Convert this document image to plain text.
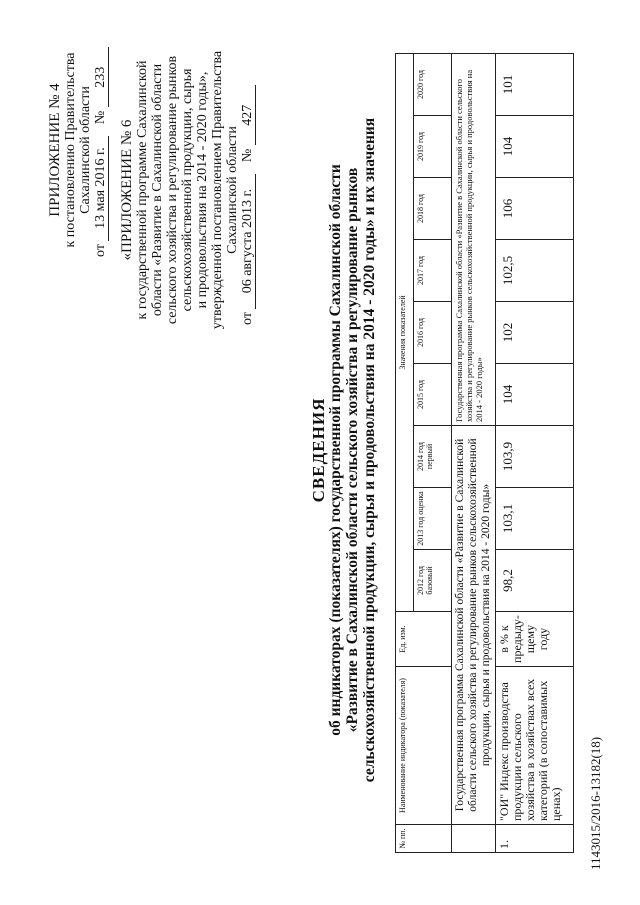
ПРИЛОЖЕНИЕ № 4 к постановлению Правительства Сахалинской области
от 13 мая 2016 г. № 233
«ПРИЛОЖЕНИЕ № 6 к государственной программе Сахалинской области «Развитие в Сахалинской области сельского хозяйства и регулирование рынков сельскохозяйственной продукции, сырья и продовольствия на 2014 - 2020 годы», утвержденной постановлением Правительства Сахалинской области
от 06 августа 2013 г. № 427
СВЕДЕНИЯ об индикаторах (показателях) государственной программы Сахалинской области «Развитие в Сахалинской области сельского хозяйства и регулирование рынков сельскохозяйственной продукции, сырья и продовольствия на 2014 - 2020 годы» и их значения
№ пп.	Наименование индикатора (показателя)	Ед. изм.	Значения показателей								
			2012 год базовый	2013 год оценка	2014 год первый	2015 год	2016 год	2017 год	2018 год	2019 год	2020 год
	Государственная программа Сахалинской области «Развитие в Сахалинской области сельского хозяйства и регулирование рынков сельскохозяйственной продукции, сырья и продовольствия на 2014 - 2020 годы»					Государственная программа Сахалинской области «Развитие в Сахалинской области сельского хозяйства и регулирование рынков сельскохозяйственной продукции, сырья и продовольствия на 2014 - 2020 годы»					
1.	"ОИ" Индекс производства продукции сельского хозяйства в хозяйствах всех категорий (в сопоставимых ценах)	в % к предыду-щему году	98,2	103,1	103,9	104	102	102,5	106	104	101
1143015/2016-13182(18)
